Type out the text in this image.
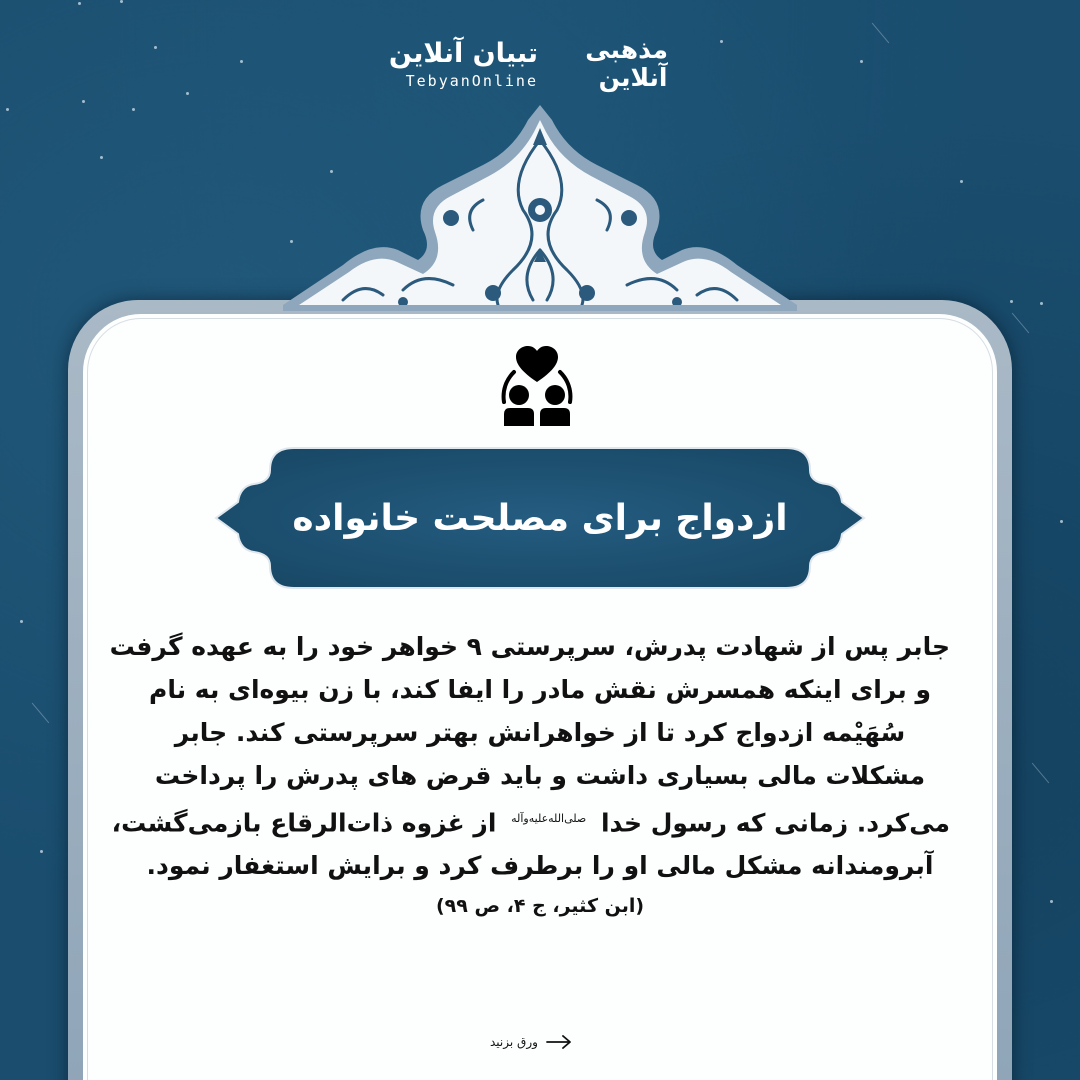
تبیان آنلاین
TebyanOnline
مذهبی آنلاین
ازدواج برای مصلحت خانواده
جابر پس از شهادت پدرش، سرپرستی ۹ خواهر خود را به عهده گرفت
و برای اینکه همسرش نقش مادر را ایفا کند، با زن بیوه‌ای به نام
سُهَیْمه ازدواج کرد تا از خواهرانش بهتر سرپرستی کند. جابر
مشکلات مالی بسیاری داشت و باید قرض های پدرش را پرداخت
می‌کرد. زمانی که رسول خدا $^{صلی‌الله‌علیه‌وآله}$ از غزوه ذات‌الرقاع بازمی‌گشت،
آبرومندانه مشکل مالی او را برطرف کرد و برایش استغفار نمود.
(ابن کثیر، ج ۴، ص ۹۹)
ورق بزنید
